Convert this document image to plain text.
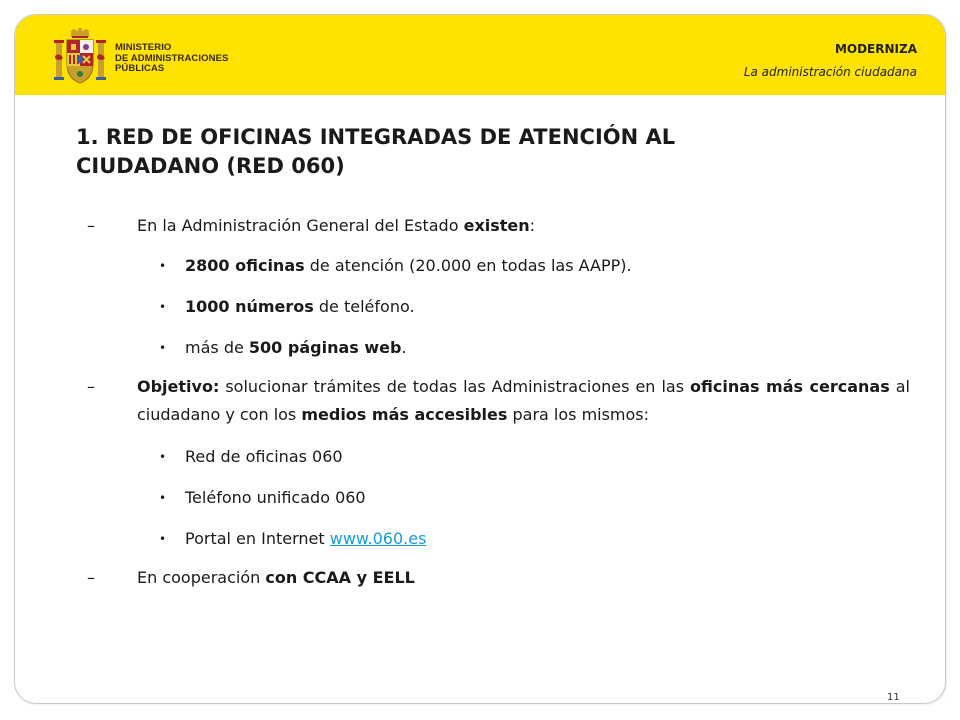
MINISTERIO
DE ADMINISTRACIONES
PÚBLICAS
MODERNIZA
La administración ciudadana
1. RED DE OFICINAS INTEGRADAS DE ATENCIÓN AL
CIUDADANO (RED 060)
–	En la Administración General del Estado existen:
• 2800 oficinas de atención (20.000 en todas las AAPP).
• 1000 números de teléfono.
• más de 500 páginas web.
–	Objetivo: solucionar trámites de todas las Administraciones en las oficinas más cercanas al ciudadano y con los medios más accesibles para los mismos:
• Red de oficinas 060
• Teléfono unificado 060
• Portal en Internet www.060.es
–	En cooperación con CCAA y EELL
11
